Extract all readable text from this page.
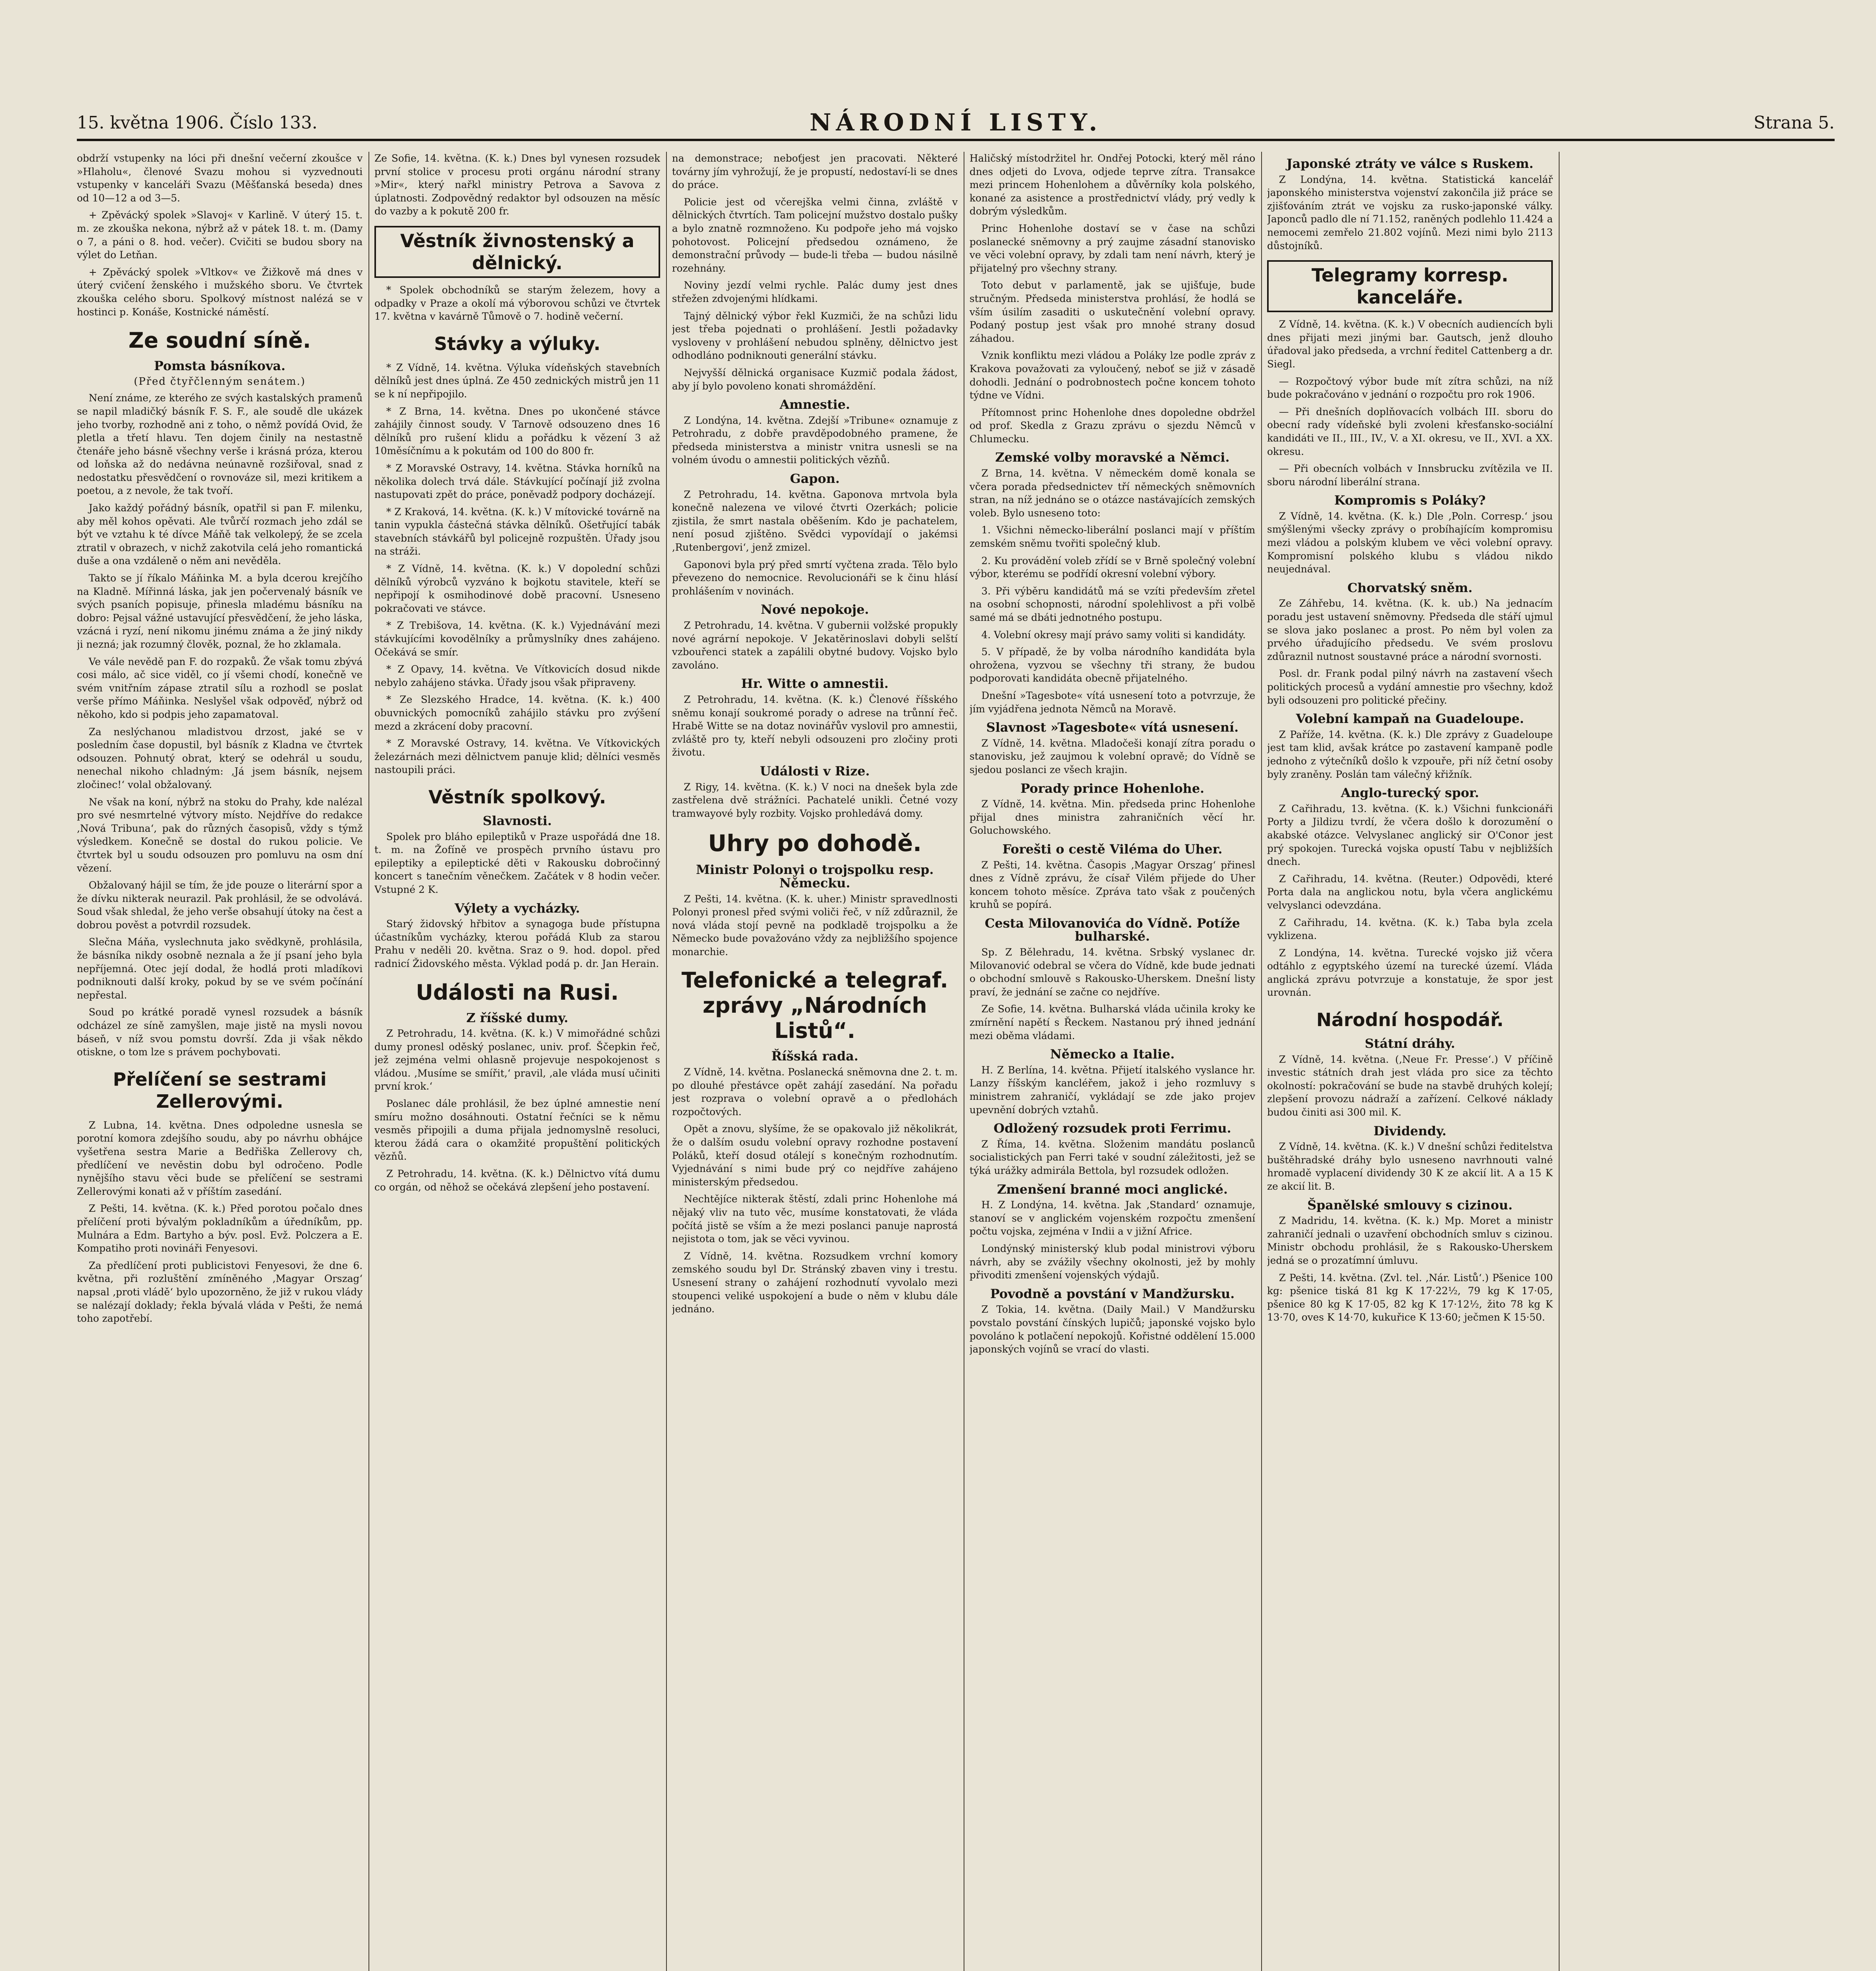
15. května 1906. Číslo 133.	NÁRODNÍ LISTY.	Strana 5.

obdrží vstupenky na lóci při dnešní večerní zkoušce v »Hlaholu«, členové Svazu mohou si vyzvednouti vstupenky v kanceláři Svazu (Měšťanská beseda) dnes od 10—12 a od 3—5.

+ Zpěvácký spolek »Slavoj« v Karlině. V úterý 15. t. m. ze zkouška nekona, nýbrž až v pátek 18. t. m. (Damy o 7, a páni o 8. hod. večer). Cvičiti se budou sbory na výlet do Letňan.

+ Zpěvácký spolek »Vltkov« ve Žižkově má dnes v úterý cvičení ženského i mužského sboru. Ve čtvrtek zkouška celého sboru. Spolkový místnost nalézá se v hostinci p. Konáše, Kostnické náměstí.

Ze soudní síně.
Pomsta básníkova.
(Před čtyřčlenným senátem.)

Není známe, ze kterého ze svých kastalských pramenů se napil mladičký básník F. S. F., ale soudě dle ukázek jeho tvorby, rozhodně ani z toho, o němž povídá Ovid, že pletla a třetí hlavu. Ten dojem činily na nestastně čtenáře jeho básně všechny verše i krásná próza, kterou od loňska až do nedávna neúnavně rozšiřoval, snad z nedostatku přesvědčení o rovnováze sil, mezi kritikem a poetou, a z nevole, že tak tvoří.

Jako každý pořádný básník, opatřil si pan F. milenku, aby měl kohos opěvati. Ale tvůrčí rozmach jeho zdál se být ve vztahu k té dívce Máňě tak velkolepý, že se zcela ztratil v obrazech, v nichž zakotvila celá jeho romantická duše a ona vzdáleně o něm ani nevěděla.

Takto se jí říkalo Máňinka M. a byla dcerou krejčího na Kladně. Mířinná láska, jak jen počervenalý básník ve svých psaních popisuje, přinesla mladému básníku na dobro: Pejsal vážné ustavující přesvědčení, že jeho láska, vzácná i ryzí, není nikomu jinému známa a že jiný nikdy ji nezná; jak rozumný člověk, poznal, že ho zklamala.

Ve vále nevědě pan F. do rozpaků. Že však tomu zbývá cosi málo, ač sice viděl, co jí všemi chodí, konečně ve svém vnitřním zápase ztratil sílu a rozhodl se poslat verše přímo Máňinka. Neslyšel však odpověď, nýbrž od někoho, kdo si podpis jeho zapamatoval.

Za neslýchanou mladistvou drzost, jaké se v posledním čase dopustil, byl básník z Kladna ve čtvrtek odsouzen. Pohnutý obrat, který se odehrál u soudu, nenechal nikoho chladným: ‚Já jsem básník, nejsem zločinec!‘ volal obžalovaný.

Ne však na koní, nýbrž na stoku do Prahy, kde nalézal pro své nesmrtelné výtvory místo. Nejdříve do redakce ‚Nová Tribuna‘, pak do různých časopisů, vždy s týmž výsledkem. Konečně se dostal do rukou policie. Ve čtvrtek byl u soudu odsouzen pro pomluvu na osm dní vězení.

Obžalovaný hájil se tím, že jde pouze o literární spor a že dívku nikterak neurazil. Pak prohlásil, že se odvolává. Soud však shledal, že jeho verše obsahují útoky na čest a dobrou pověst a potvrdil rozsudek.

Slečna Máňa, vyslechnuta jako svědkyně, prohlásila, že básníka nikdy osobně neznala a že jí psaní jeho byla nepříjemná. Otec její dodal, že hodlá proti mladíkovi podniknouti další kroky, pokud by se ve svém počínání nepřestal.

Soud po krátké poradě vynesl rozsudek a básník odcházel ze síně zamyšlen, maje jistě na mysli novou báseň, v níž svou pomstu dovrší. Zda ji však někdo otiskne, o tom lze s právem pochybovati.

Přelíčení se sestrami Zellerovými.

Z Lubna, 14. května. Dnes odpoledne usnesla se porotní komora zdejšího soudu, aby po návrhu obhájce vyšetřena sestra Marie a Bedřiška Zellerovy ch, předlíčení ve nevěstin dobu byl odročeno. Podle nynějšího stavu věci bude se přelíčení se sestrami Zellerovými konati až v příštím zasedání.

Z Pešti, 14. května. (K. k.) Před porotou počalo dnes přelíčení proti bývalým pokladníkům a úředníkům, pp. Mulnára a Edm. Bartyho a býv. posl. Evž. Polczera a E. Kompatiho proti novináři Fenyesovi.

Za předlíčení proti publicistovi Fenyesovi, že dne 6. května, při rozluštění zmíněného ‚Magyar Orszag‘ napsal ‚proti vládě‘ bylo upozorněno, že již v rukou vlády se nalézají doklady; řekla bývalá vláda v Pešti, že nemá toho zapotřebí.

Ze Sofie, 14. května. (K. k.) Dnes byl vynesen rozsudek první stolice v procesu proti orgánu národní strany »Mir«, který nařkl ministry Petrova a Savova z úplatnosti. Zodpovědný redaktor byl odsouzen na měsíc do vazby a k pokutě 200 fr.

Věstník živnostenský a dělnický.

* Spolek obchodníků se starým železem, hovy a odpadky v Praze a okolí má výborovou schůzi ve čtvrtek 17. května v kavárně Tůmově o 7. hodině večerní.

Stávky a výluky.

* Z Vídně, 14. května. Výluka vídeňských stavebních dělníků jest dnes úplná. Ze 450 zednických mistrů jen 11 se k ní nepřipojilo.

* Z Brna, 14. května. Dnes po ukončené stávce zahájily činnost soudy. V Tarnově odsouzeno dnes 16 dělníků pro rušení klidu a pořádku k vězení 3 až 10měsíčnímu a k pokutám od 100 do 800 fr.

* Z Moravské Ostravy, 14. května. Stávka horníků na několika dolech trvá dále. Stávkující počínají již zvolna nastupovati zpět do práce, poněvadž podpory docházejí.

* Z Kraková, 14. května. (K. k.) V mítovické továrně na tanin vypukla částečná stávka dělníků. Ošetřující tabák stavebních stávkářů byl policejně rozpuštěn. Úřady jsou na stráži.

* Z Vídně, 14. května. (K. k.) V dopolední schůzi dělníků výrobců vyzváno k bojkotu stavitele, kteří se nepřipojí k osmihodinové době pracovní. Usneseno pokračovati ve stávce.

* Z Trebišova, 14. května. (K. k.) Vyjednávání mezi stávkujícími kovodělníky a průmyslníky dnes zahájeno. Očekává se smír.

* Z Opavy, 14. května. Ve Vítkovicích dosud nikde nebylo zahájeno stávka. Úřady jsou však připraveny.

* Ze Slezského Hradce, 14. května. (K. k.) 400 obuvnických pomocníků zahájilo stávku pro zvýšení mezd a zkrácení doby pracovní.

* Z Moravské Ostravy, 14. května. Ve Vítkovických železárnách mezi dělnictvem panuje klid; dělníci vesměs nastoupili práci.

Věstník spolkový.
Slavnosti.

Spolek pro bláho epileptiků v Praze uspořádá dne 18. t. m. na Žofíně ve prospěch prvního ústavu pro epileptiky a epileptické děti v Rakousku dobročinný koncert s tanečním věnečkem. Začátek v 8 hodin večer. Vstupné 2 K.

Výlety a vycházky.

Starý židovský hřbitov a synagoga bude přístupna účastníkům vycházky, kterou pořádá Klub za starou Prahu v neděli 20. května. Sraz o 9. hod. dopol. před radnicí Židovského města. Výklad podá p. dr. Jan Herain.

Události na Rusi.
Z říšské dumy.

Z Petrohradu, 14. května. (K. k.) V mimořádné schůzi dumy pronesl oděský poslanec, univ. prof. Ščepkin řeč, jež zejména velmi ohlasně projevuje nespokojenost s vládou. ‚Musíme se smířit,‘ pravil, ‚ale vláda musí učiniti první krok.‘

Poslanec dále prohlásil, že bez úplné amnestie není smíru možno dosáhnouti. Ostatní řečníci se k němu vesměs připojili a duma přijala jednomyslně resoluci, kterou žádá cara o okamžité propuštění politických vězňů.

Z Petrohradu, 14. května. (K. k.) Dělnictvo vítá dumu co orgán, od něhož se očekává zlepšení jeho postavení.

na demonstrace; neboťjest jen pracovati. Některé továrny jím vyhrožují, že je propustí, nedostaví-li se dnes do práce.

Policie jest od včerejška velmi činna, zvláště v dělnických čtvrtích. Tam policejní mužstvo dostalo pušky a bylo znatně rozmnoženo. Ku podpoře jeho má vojsko pohotovost. Policejní předsedou oznámeno, že demonstrační průvody — bude-li třeba — budou násilně rozehnány.

Noviny jezdí velmi rychle. Palác dumy jest dnes střežen zdvojenými hlídkami.

Tajný dělnický výbor řekl Kuzmiči, že na schůzi lidu jest třeba pojednati o prohlášení. Jestli požadavky vysloveny v prohlášení nebudou splněny, dělnictvo jest odhodláno podniknouti generální stávku.

Nejvyšší dělnická organisace Kuzmič podala žádost, aby jí bylo povoleno konati shromáždění.

Amnestie.

Z Londýna, 14. května. Zdejší »Tribune« oznamuje z Petrohradu, z dobře pravděpodobného pramene, že předseda ministerstva a ministr vnitra usnesli se na volném úvodu o amnestii politických vězňů.

Gapon.

Z Petrohradu, 14. května. Gaponova mrtvola byla konečně nalezena ve vilové čtvrti Ozerkách; policie zjistila, že smrt nastala oběšením. Kdo je pachatelem, není posud zjištěno. Svědci vypovídají o jakémsi ‚Rutenbergovi‘, jenž zmizel.

Gaponovi byla prý před smrtí vyčtena zrada. Tělo bylo převezeno do nemocnice. Revolucionáři se k činu hlásí prohlášením v novinách.

Nové nepokoje.

Z Petrohradu, 14. května. V gubernii volžské propukly nové agrární nepokoje. V Jekatěrinoslavi dobyli selští vzbouřenci statek a zapálili obytné budovy. Vojsko bylo zavoláno.

Hr. Witte o amnestii.

Z Petrohradu, 14. května. (K. k.) Členové říšského sněmu konají soukromé porady o adrese na trůnní řeč. Hrabě Witte se na dotaz novinářův vyslovil pro amnestii, zvláště pro ty, kteří nebyli odsouzeni pro zločiny proti životu.

Události v Rize.

Z Rigy, 14. května. (K. k.) V noci na dnešek byla zde zastřelena dvě strážníci. Pachatelé unikli. Četné vozy tramwayové byly rozbity. Vojsko prohledává domy.

Uhry po dohodě.
Ministr Polonyi o trojspolku resp. Německu.

Z Pešti, 14. května. (K. k. uher.) Ministr spravedlnosti Polonyi pronesl před svými voliči řeč, v níž zdůraznil, že nová vláda stojí pevně na podkladě trojspolku a že Německo bude považováno vždy za nejbližšího spojence monarchie.

Telefonické a telegraf. zprávy „Národních Listů“.
Říšská rada.

Z Vídně, 14. května. Poslanecká sněmovna dne 2. t. m. po dlouhé přestávce opět zahájí zasedání. Na pořadu jest rozprava o volební opravě a o předlohách rozpočtových.

Opět a znovu, slyšíme, že se opakovalo již několikrát, že o dalším osudu volební opravy rozhodne postavení Poláků, kteří dosud otálejí s konečným rozhodnutím. Vyjednávání s nimi bude prý co nejdříve zahájeno ministerským předsedou.

Nechtějíce nikterak štěstí, zdali princ Hohenlohe má nějaký vliv na tuto věc, musíme konstatovati, že vláda počítá jistě se vším a že mezi poslanci panuje naprostá nejistota o tom, jak se věci vyvinou.

Z Vídně, 14. května. Rozsudkem vrchní komory zemského soudu byl Dr. Stránský zbaven viny i trestu. Usnesení strany o zahájení rozhodnutí vyvolalo mezi stoupenci veliké uspokojení a bude o něm v klubu dále jednáno.

Haličský místodržitel hr. Ondřej Potocki, který měl ráno dnes odjeti do Lvova, odjede teprve zítra. Transakce mezi princem Hohenlohem a důvěrníky kola polského, konané za asistence a prostřednictví vlády, prý vedly k dobrým výsledkům.

Princ Hohenlohe dostaví se v čase na schůzi poslanecké sněmovny a prý zaujme zásadní stanovisko ve věci volební opravy, by zdali tam není návrh, který je přijatelný pro všechny strany.

Toto debut v parlamentě, jak se ujišťuje, bude stručným. Předseda ministerstva prohlásí, že hodlá se vším úsilím zasaditi o uskutečnění volební opravy. Podaný postup jest však pro mnohé strany dosud záhadou.

Vznik konfliktu mezi vládou a Poláky lze podle zpráv z Krakova považovati za vyloučený, neboť se již v zásadě dohodli. Jednání o podrobnostech počne koncem tohoto týdne ve Vídni.

Přítomnost princ Hohenlohe dnes dopoledne obdržel od prof. Skedla z Grazu zprávu o sjezdu Němců v Chlumecku.

Zemské volby moravské a Němci.

Z Brna, 14. května. V německém domě konala se včera porada předsednictev tří německých sněmovních stran, na níž jednáno se o otázce nastávajících zemských voleb. Bylo usneseno toto:

1. Všichni německo-liberální poslanci mají v příštím zemském sněmu tvořiti společný klub.

2. Ku provádění voleb zřídí se v Brně společný volební výbor, kterému se podřídí okresní volební výbory.

3. Při výběru kandidátů má se vzíti především zřetel na osobní schopnosti, národní spolehlivost a při volbě samé má se dbáti jednotného postupu.

4. Volební okresy mají právo samy voliti si kandidáty.

5. V případě, že by volba národního kandidáta byla ohrožena, vyzvou se všechny tři strany, že budou podporovati kandidáta obecně přijatelného.

Dnešní »Tagesbote« vítá usnesení toto a potvrzuje, že jím vyjádřena jednota Němců na Moravě.

Slavnost »Tagesbote« vítá usnesení.

Z Vídně, 14. května. Mladočeši konají zítra poradu o stanovisku, jež zaujmou k volební opravě; do Vídně se sjedou poslanci ze všech krajin.

Porady prince Hohenlohe.

Z Vídně, 14. května. Min. předseda princ Hohenlohe přijal dnes ministra zahraničních věcí hr. Goluchowského.

Forešti o cestě Viléma do Uher.

Z Pešti, 14. května. Časopis ‚Magyar Orszag‘ přinesl dnes z Vídně zprávu, že císař Vilém přijede do Uher koncem tohoto měsíce. Zpráva tato však z poučených kruhů se popírá.

Cesta Milovanovića do Vídně. Potíže bulharské.

Sp. Z Bělehradu, 14. května. Srbský vyslanec dr. Milovanović odebral se včera do Vídně, kde bude jednati o obchodní smlouvě s Rakousko-Uherskem. Dnešní listy praví, že jednání se začne co nejdříve.

Ze Sofie, 14. května. Bulharská vláda učinila kroky ke zmírnění napětí s Řeckem. Nastanou prý ihned jednání mezi oběma vládami.

Německo a Italie.

H. Z Berlína, 14. května. Přijetí italského vyslance hr. Lanzy říšským kancléřem, jakož i jeho rozmluvy s ministrem zahraničí, vykládají se zde jako projev upevnění dobrých vztahů.

Odložený rozsudek proti Ferrimu.

Z Říma, 14. května. Složenim mandátu poslanců socialistických pan Ferri také v soudní záležitosti, jež se týká urážky admirála Bettola, byl rozsudek odložen.

Zmenšení branné moci anglické.

H. Z Londýna, 14. května. Jak ‚Standard‘ oznamuje, stanoví se v anglickém vojenském rozpočtu zmenšení počtu vojska, zejména v Indii a v jižní Africe.

Londýnský ministerský klub podal ministrovi výboru návrh, aby se zvážily všechny okolnosti, jež by mohly přivoditi zmenšení vojenských výdajů.

Povodně a povstání v Mandžursku.

Z Tokia, 14. května. (Daily Mail.) V Mandžursku povstalo povstání čínských lupičů; japonské vojsko bylo povoláno k potlačení nepokojů. Kořistné oddělení 15.000 japonských vojínů se vrací do vlasti.

Japonské ztráty ve válce s Ruskem.

Z Londýna, 14. května. Statistická kancelář japonského ministerstva vojenství zakončila již práce se zjišťováním ztrát ve vojsku za rusko-japonské války. Japonců padlo dle ní 71.152, raněných podlehlo 11.424 a nemocemi zemřelo 21.802 vojínů. Mezi nimi bylo 2113 důstojníků.

Telegramy korresp. kanceláře.

Z Vídně, 14. května. (K. k.) V obecních audiencích byli dnes přijati mezi jinými bar. Gautsch, jenž dlouho úřadoval jako předseda, a vrchní ředitel Cattenberg a dr. Siegl.

— Rozpočtový výbor bude mít zítra schůzi, na níž bude pokračováno v jednání o rozpočtu pro rok 1906.

— Při dnešních doplňovacích volbách III. sboru do obecní rady vídeňské byli zvoleni křesťansko-sociální kandidáti ve II., III., IV., V. a XI. okresu, ve II., XVI. a XX. okresu.

— Při obecních volbách v Innsbrucku zvítězila ve II. sboru národní liberální strana.

Kompromis s Poláky?

Z Vídně, 14. května. (K. k.) Dle ‚Poln. Corresp.‘ jsou smýšlenými všecky zprávy o probíhajícím kompromisu mezi vládou a polským klubem ve věci volební opravy. Kompromisní polského klubu s vládou nikdo neujednával.

Chorvatský sněm.

Ze Záhřebu, 14. května. (K. k. ub.) Na jednacím poradu jest ustavení sněmovny. Předseda dle stáří ujmul se slova jako poslanec a prost. Po něm byl volen za prvého úřadujícího předsedu. Ve svém proslovu zdůraznil nutnost soustavné práce a národní svornosti.

Posl. dr. Frank podal pilný návrh na zastavení všech politických procesů a vydání amnestie pro všechny, kdož byli odsouzeni pro politické přečiny.

Volební kampaň na Guadeloupe.

Z Paříže, 14. května. (K. k.) Dle zprávy z Guadeloupe jest tam klid, avšak krátce po zastavení kampaně podle jednoho z výtečníků došlo k vzpouře, při níž četní osoby byly zraněny. Poslán tam válečný křižník.

Anglo-turecký spor.

Z Cařihradu, 13. května. (K. k.) Všichni funkcionáři Porty a Jildizu tvrdí, že včera došlo k dorozumění o akabské otázce. Velvyslanec anglický sir O'Conor jest prý spokojen. Turecká vojska opustí Tabu v nejbližších dnech.

Z Cařihradu, 14. května. (Reuter.) Odpovědi, které Porta dala na anglickou notu, byla včera anglickému velvyslanci odevzdána.

Z Cařihradu, 14. května. (K. k.) Taba byla zcela vyklizena.

Z Londýna, 14. května. Turecké vojsko již včera odtáhlo z egyptského území na turecké území. Vláda anglická zprávu potvrzuje a konstatuje, že spor jest urovnán.

Národní hospodář.
Státní dráhy.

Z Vídně, 14. května. (‚Neue Fr. Presse‘.) V příčině investic státních drah jest vláda pro sice za těchto okolností: pokračování se bude na stavbě druhých kolejí; zlepšení provozu nádraží a zařízení. Celkové náklady budou činiti asi 300 mil. K.

Dividendy.

Z Vídně, 14. května. (K. k.) V dnešní schůzi ředitelstva buštěhradské dráhy bylo usneseno navrhnouti valné hromadě vyplacení dividendy 30 K ze akcií lit. A a 15 K ze akcií lit. B.

Španělské smlouvy s cizinou.

Z Madridu, 14. května. (K. k.) Mp. Moret a ministr zahraničí jednali o uzavření obchodních smluv s cizinou. Ministr obchodu prohlásil, že s Rakousko-Uherskem jedná se o prozatímní úmluvu.

Z Pešti, 14. května. (Zvl. tel. ‚Nár. Listů‘.) Pšenice 100 kg: pšenice tiská 81 kg K 17·22½, 79 kg K 17·05, pšenice 80 kg K 17·05, 82 kg K 17·12½, žito 78 kg K 13·70, oves K 14·70, kukuřice K 13·60; ječmen K 15·50.
